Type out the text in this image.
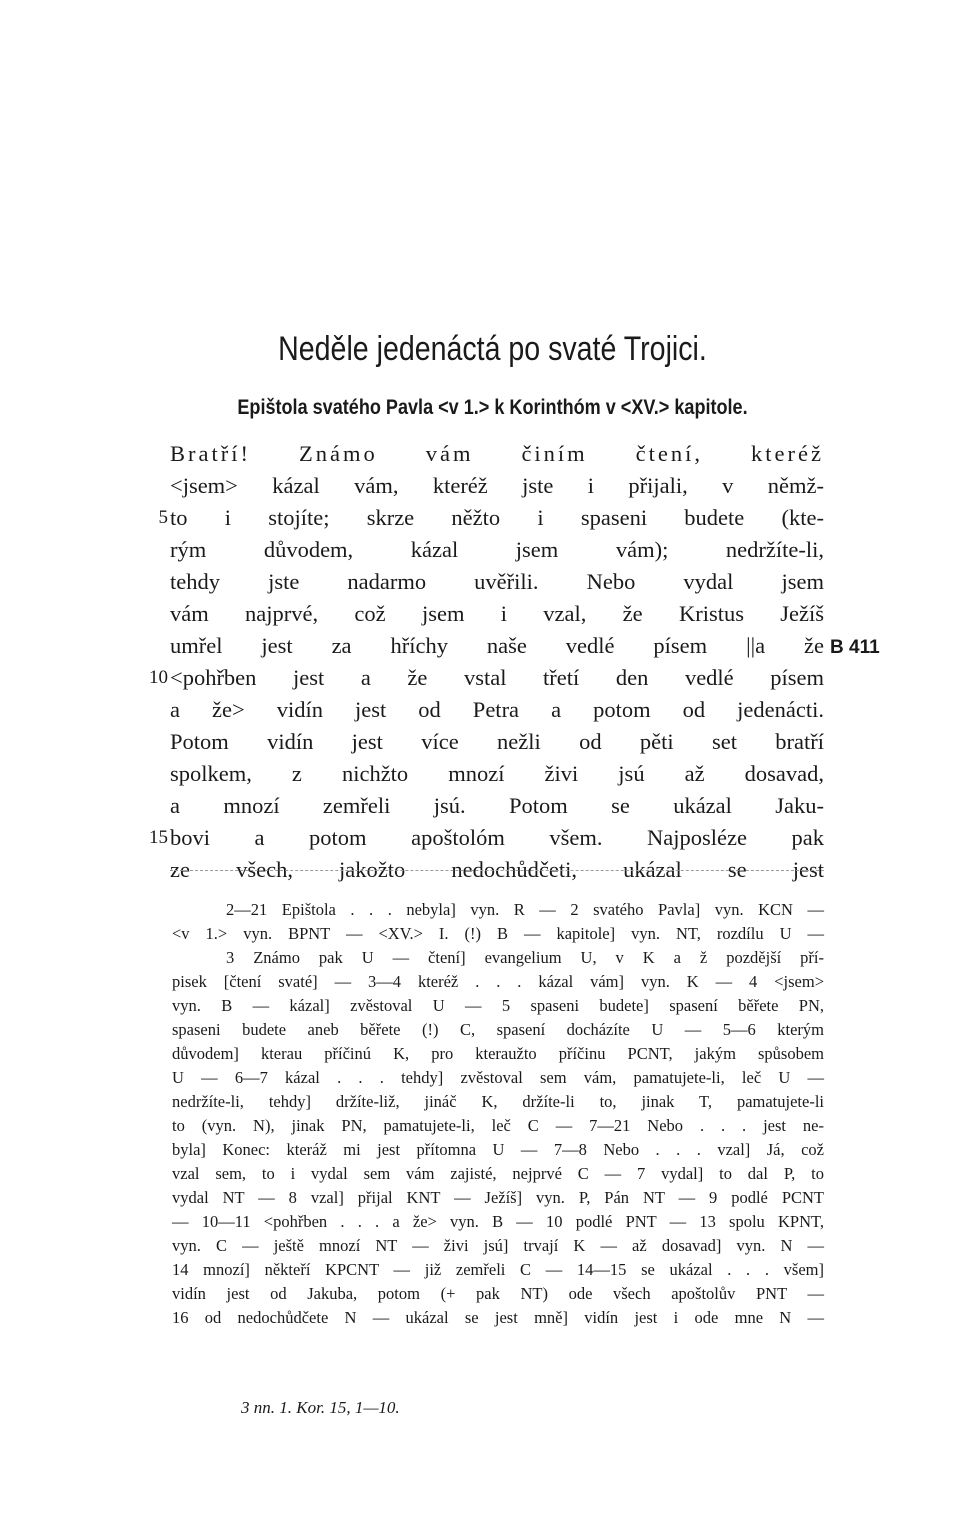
Neděle jedenáctá po svaté Trojici.
Epištola svatého Pavla <v 1.> k Korinthóm v <XV.> kapitole.
Bratří! Známo vám činím čtení, kteréž
<jsem> kázal vám, kteréž jste i přijali, v němž-
to i stojíte; skrze něžto i spaseni budete (kte-
rým důvodem, kázal jsem vám); nedržíte-li,
tehdy jste nadarmo uvěřili. Nebo vydal jsem
vám najprvé, což jsem i vzal, že Kristus Ježíš
umřel jest za hříchy naše vedlé písem ||a že
<pohřben jest a že vstal třetí den vedlé písem
a že> vidín jest od Petra a potom od jedenácti.
Potom vidín jest více nežli od pěti set bratří
spolkem, z nichžto mnozí živi jsú až dosavad,
a mnozí zemřeli jsú. Potom se ukázal Jaku-
bovi a potom apoštolóm všem. Najposléze pak
ze všech, jakožto nedochůdčeti, ukázal se jest
5
10
15
B 411
2—21 Epištola . . . nebyla] vyn. R — 2 svatého Pavla] vyn. KCN —
<v 1.> vyn. BPNT — <XV.> I. (!) B — kapitole] vyn. NT, rozdílu U —
3 Známo pak U — čtení] evangelium U, v K a ž pozdější pří-
pisek [čtení svaté] — 3—4 kteréž . . . kázal vám] vyn. K — 4 <jsem>
vyn. B — kázal] zvěstoval U — 5 spaseni budete] spasení běřete PN,
spaseni budete aneb běřete (!) C, spasení docházíte U — 5—6 kterým
důvodem] kterau příčinú K, pro kteraužto příčinu PCNT, jakým spůsobem
U — 6—7 kázal . . . tehdy] zvěstoval sem vám, pamatujete-li, leč U —
nedržíte-li, tehdy] držíte-liž, jináč K, držíte-li to, jinak T, pamatujete-li
to (vyn. N), jinak PN, pamatujete-li, leč C — 7—21 Nebo . . . jest ne-
byla] Konec: kteráž mi jest přítomna U — 7—8 Nebo . . . vzal] Já, což
vzal sem, to i vydal sem vám zajisté, nejprvé C — 7 vydal] to dal P, to
vydal NT — 8 vzal] přijal KNT — Ježíš] vyn. P, Pán NT — 9 podlé PCNT
— 10—11 <pohřben . . . a že> vyn. B — 10 podlé PNT — 13 spolu KPNT,
vyn. C — ještě mnozí NT — živi jsú] trvají K — až dosavad] vyn. N —
14 mnozí] někteří KPCNT — již zemřeli C — 14—15 se ukázal . . . všem]
vidín jest od Jakuba, potom (+ pak NT) ode všech apoštolův PNT —
16 od nedochůdčete N — ukázal se jest mně] vidín jest i ode mne N —
3 nn. 1. Kor. 15, 1—10.
